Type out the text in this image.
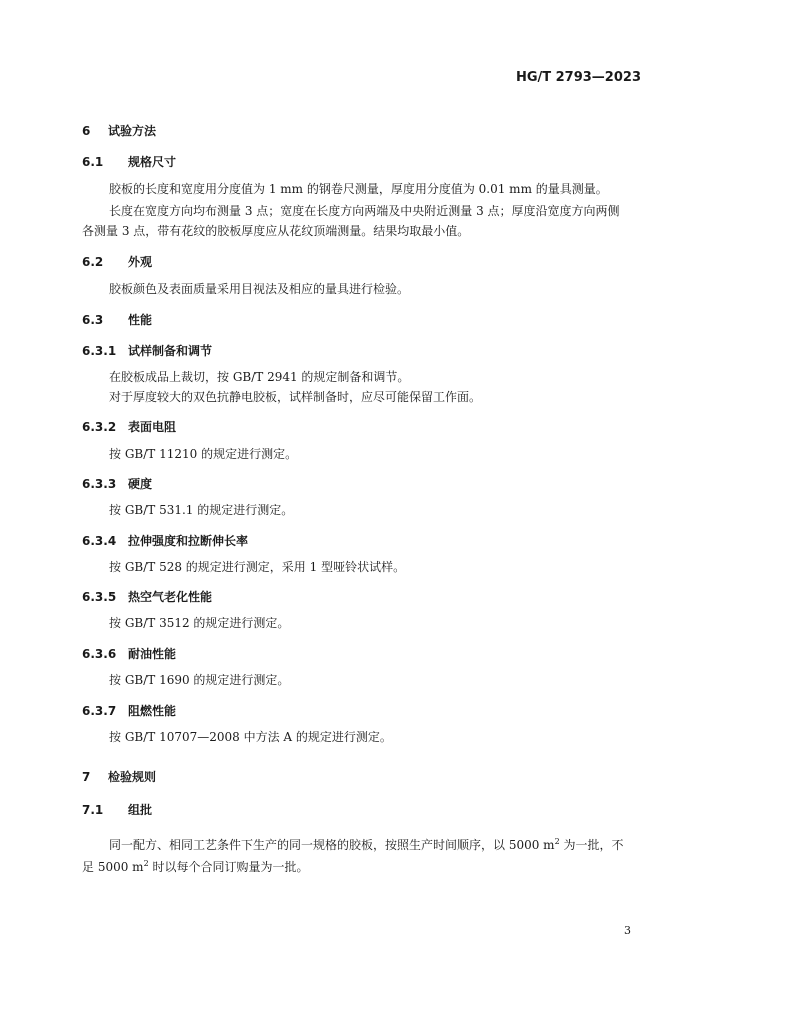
HG/T 2793—2023
6 试验方法
6.1 规格尺寸
胶板的长度和宽度用分度值为 1 mm 的钢卷尺测量，厚度用分度值为 0.01 mm 的量具测量。
长度在宽度方向均布测量 3 点；宽度在长度方向两端及中央附近测量 3 点；厚度沿宽度方向两侧
各测量 3 点，带有花纹的胶板厚度应从花纹顶端测量。结果均取最小值。
6.2 外观
胶板颜色及表面质量采用目视法及相应的量具进行检验。
6.3 性能
6.3.1 试样制备和调节
在胶板成品上裁切，按 GB/T 2941 的规定制备和调节。
对于厚度较大的双色抗静电胶板，试样制备时，应尽可能保留工作面。
6.3.2 表面电阻
按 GB/T 11210 的规定进行测定。
6.3.3 硬度
按 GB/T 531.1 的规定进行测定。
6.3.4 拉伸强度和拉断伸长率
按 GB/T 528 的规定进行测定，采用 1 型哑铃状试样。
6.3.5 热空气老化性能
按 GB/T 3512 的规定进行测定。
6.3.6 耐油性能
按 GB/T 1690 的规定进行测定。
6.3.7 阻燃性能
按 GB/T 10707—2008 中方法 A 的规定进行测定。
7 检验规则
7.1 组批
同一配方、相同工艺条件下生产的同一规格的胶板，按照生产时间顺序，以 5000 $m^2$ 为一批，不
足 5000 $m^2$ 时以每个合同订购量为一批。
3
